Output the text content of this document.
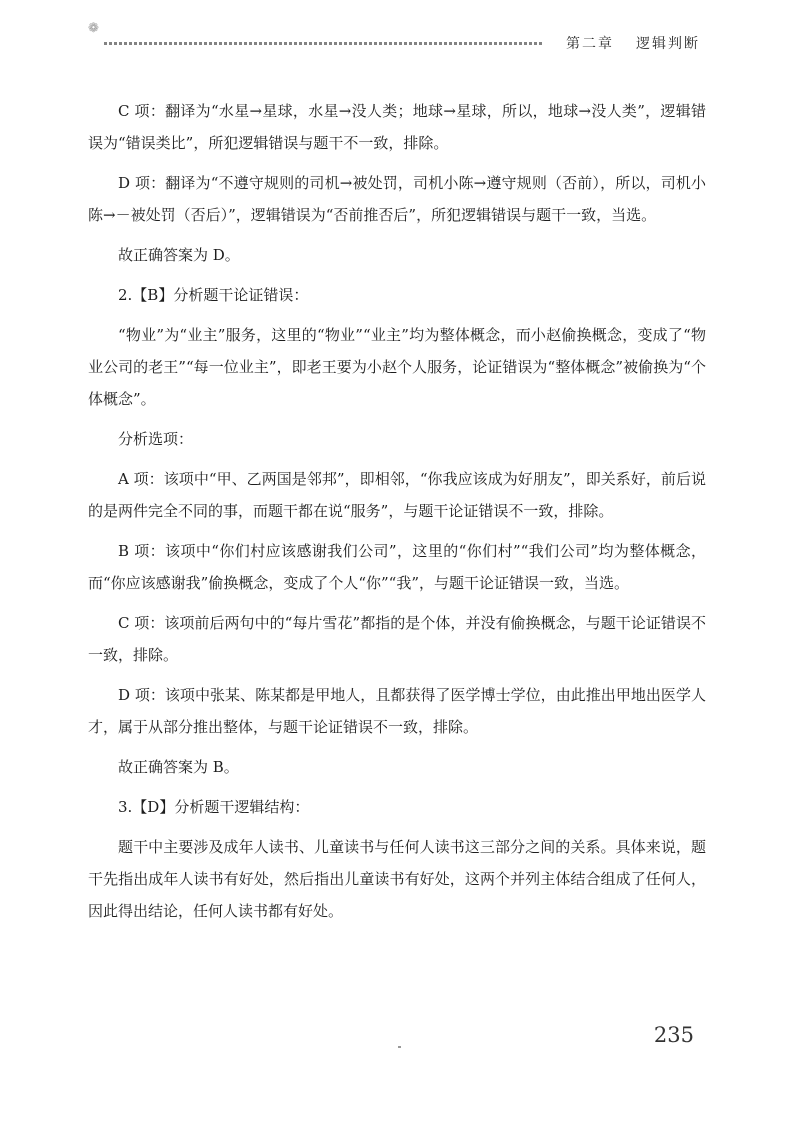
❁
第二章 逻辑判断

C 项：翻译为“水星→星球，水星→没人类；地球→星球，所以，地球→没人类”，逻辑错误为“错误类比”，所犯逻辑错误与题干不一致，排除。

D 项：翻译为“不遵守规则的司机→被处罚，司机小陈→遵守规则（否前），所以，司机小陈→－被处罚（否后）”，逻辑错误为“否前推否后”，所犯逻辑错误与题干一致，当选。

故正确答案为 D。

2.【B】分析题干论证错误：

“物业”为“业主”服务，这里的“物业”“业主”均为整体概念，而小赵偷换概念，变成了“物业公司的老王”“每一位业主”，即老王要为小赵个人服务，论证错误为“整体概念”被偷换为“个体概念”。

分析选项：

A 项：该项中“甲、乙两国是邻邦”，即相邻，“你我应该成为好朋友”，即关系好，前后说的是两件完全不同的事，而题干都在说“服务”，与题干论证错误不一致，排除。

B 项：该项中“你们村应该感谢我们公司”，这里的“你们村”“我们公司”均为整体概念，而“你应该感谢我”偷换概念，变成了个人“你”“我”，与题干论证错误一致，当选。

C 项：该项前后两句中的“每片雪花”都指的是个体，并没有偷换概念，与题干论证错误不一致，排除。

D 项：该项中张某、陈某都是甲地人，且都获得了医学博士学位，由此推出甲地出医学人才，属于从部分推出整体，与题干论证错误不一致，排除。

故正确答案为 B。

3.【D】分析题干逻辑结构：

题干中主要涉及成年人读书、儿童读书与任何人读书这三部分之间的关系。具体来说，题干先指出成年人读书有好处，然后指出儿童读书有好处，这两个并列主体结合组成了任何人，因此得出结论，任何人读书都有好处。

235
